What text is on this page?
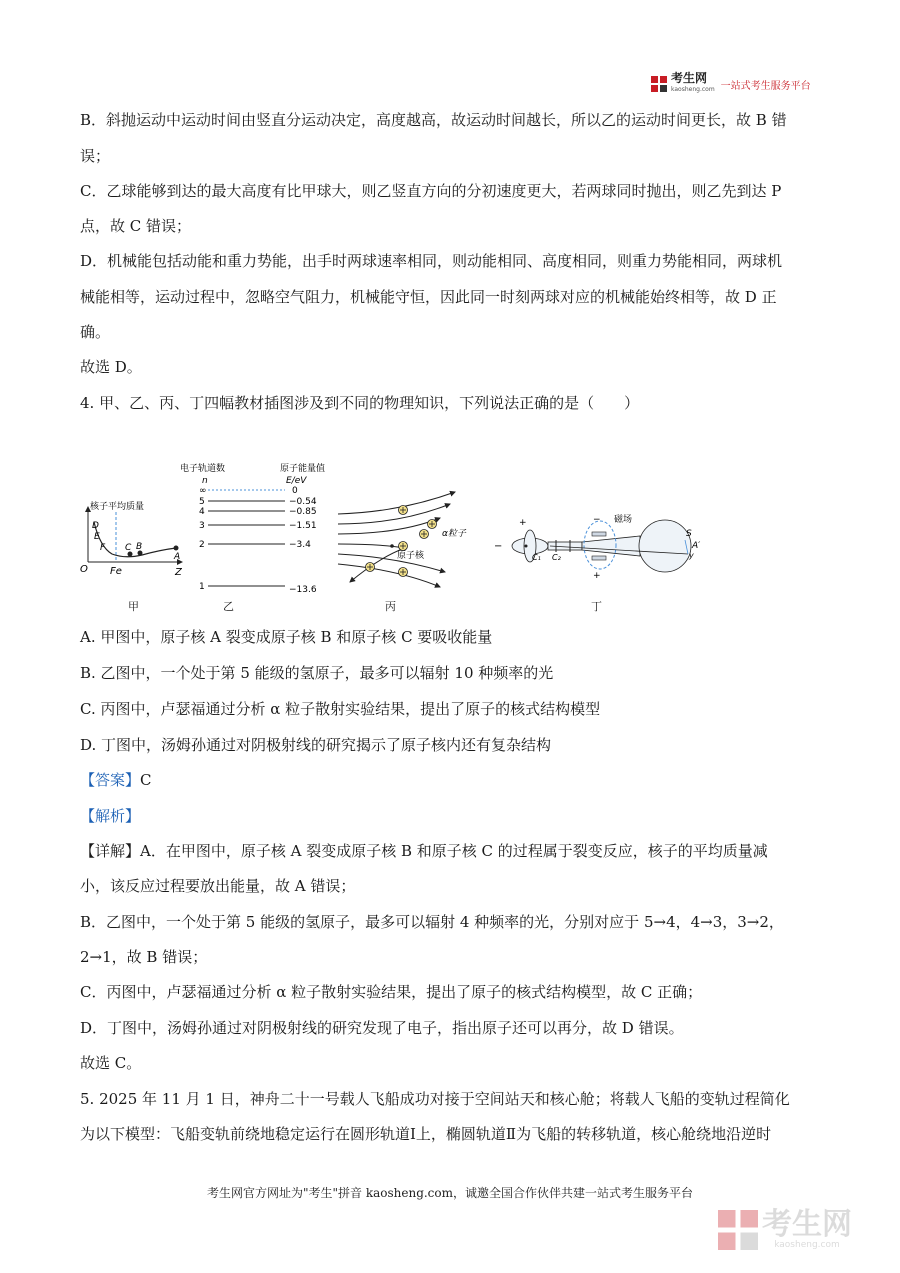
考生网
kaosheng.com 一站式考生服务平台
B．斜抛运动中运动时间由竖直分运动决定，高度越高，故运动时间越长，所以乙的运动时间更长，故 B 错
误；
C．乙球能够到达的最大高度有比甲球大，则乙竖直方向的分初速度更大，若两球同时抛出，则乙先到达 P
点，故 C 错误；
D．机械能包括动能和重力势能，出手时两球速率相同，则动能相同、高度相同，则重力势能相同，两球机
械能相等，运动过程中，忽略空气阻力，机械能守恒，因此同一时刻两球对应的机械能始终相等，故 D 正
确。
故选 D。
4. 甲、乙、丙、丁四幅教材插图涉及到不同的物理知识，下列说法正确的是（　　）
核子平均质量
O	Z
Fe
D
E
F C B
A
电子轨道数	原子能量值
n	E/eV
∞
5
4
3
2
1
0
−0.54
−0.85
−1.51
−3.4
−13.6
α粒子
原子核
+
−
−
+
磁场
C₁ C₂
S
A′
y
甲	乙	丙	丁
A. 甲图中，原子核 A 裂变成原子核 B 和原子核 C 要吸收能量
B. 乙图中，一个处于第 5 能级的氢原子，最多可以辐射 10 种频率的光
C. 丙图中，卢瑟福通过分析 α 粒子散射实验结果，提出了原子的核式结构模型
D. 丁图中，汤姆孙通过对阴极射线的研究揭示了原子核内还有复杂结构
【答案】C
【解析】
【详解】A．在甲图中，原子核 A 裂变成原子核 B 和原子核 C 的过程属于裂变反应，核子的平均质量减
小，该反应过程要放出能量，故 A 错误；
B．乙图中，一个处于第 5 能级的氢原子，最多可以辐射 4 种频率的光，分别对应于 5→4，4→3，3→2，
2→1，故 B 错误；
C．丙图中，卢瑟福通过分析 α 粒子散射实验结果，提出了原子的核式结构模型，故 C 正确；
D．丁图中，汤姆孙通过对阴极射线的研究发现了电子，指出原子还可以再分，故 D 错误。
故选 C。
5. 2025 年 11 月 1 日，神舟二十一号载人飞船成功对接于空间站天和核心舱；将载人飞船的变轨过程简化
为以下模型：飞船变轨前绕地稳定运行在圆形轨道Ⅰ上，椭圆轨道Ⅱ为飞船的转移轨道，核心舱绕地沿逆时
考生网官方网址为"考生"拼音 kaosheng.com，诚邀全国合作伙伴共建一站式考生服务平台
考生网
kaosheng.com
